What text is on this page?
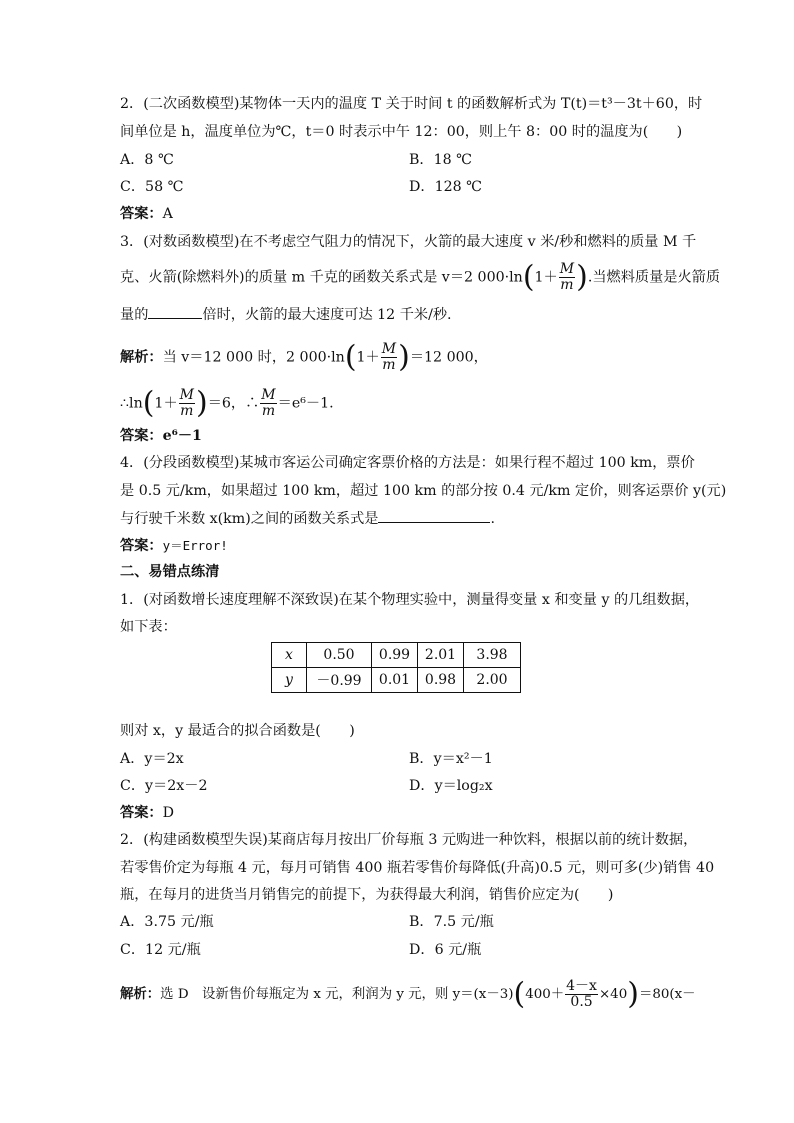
2．(二次函数模型)某物体一天内的温度 T 关于时间 t 的函数解析式为 T(t)＝t³－3t＋60，时
间单位是 h，温度单位为℃，t＝0 时表示中午 12：00，则上午 8：00 时的温度为(　　)
A．8 ℃	B．18 ℃
C．58 ℃	D．128 ℃
答案：A
3．(对数函数模型)在不考虑空气阻力的情况下，火箭的最大速度 v 米/秒和燃料的质量 M 千
克、火箭(除燃料外)的质量 m 千克的函数关系式是 v＝2 $000\cdot\ln(1+ \frac{M}{m}$ ).当燃料质量是火箭质
量的	倍时，火箭的最大速度可达 12 千米/秒.
解析：当 v＝12 000 时，2 $000\cdot\ln(1+ \frac{M}{m} )=12$ 000，
∴ln(1＋ $\frac{M}{m} )=6$，∴ $\frac{M}{m} =e^6-1$.
答案：e⁶－1
4．(分段函数模型)某城市客运公司确定客票价格的方法是：如果行程不超过 100 km，票价
是 0.5 元/km，如果超过 100 km，超过 100 km 的部分按 0.4 元/km 定价，则客运票价 y(元)
与行驶千米数 x(km)之间的函数关系式是	.
答案：y＝Error!
二、易错点练清
1．(对函数增长速度理解不深致误)在某个物理实验中，测量得变量 x 和变量 y 的几组数据，
如下表：
x	0.50	0.99	2.01	3.98
y	－0.99	0.01	0.98	2.00
则对 x，y 最适合的拟合函数是(　　)
A．y＝2x	B．y＝x²－1
C．y＝2x－2	D．y＝log₂x
答案：D
2．(构建函数模型失误)某商店每月按出厂价每瓶 3 元购进一种饮料，根据以前的统计数据，
若零售价定为每瓶 4 元，每月可销售 400 瓶若零售价每降低(升高)0.5 元，则可多(少)销售 40
瓶，在每月的进货当月销售完的前提下，为获得最大利润，销售价应定为(　　)
A．3.75 元/瓶	B．7.5 元/瓶
C．12 元/瓶	D．6 元/瓶
解析：选 D　设新售价每瓶定为 x 元，利润为 y 元，则 $y=(x-3)(400+ \frac{4-x}{0.5} \times 40)=80(x-$
